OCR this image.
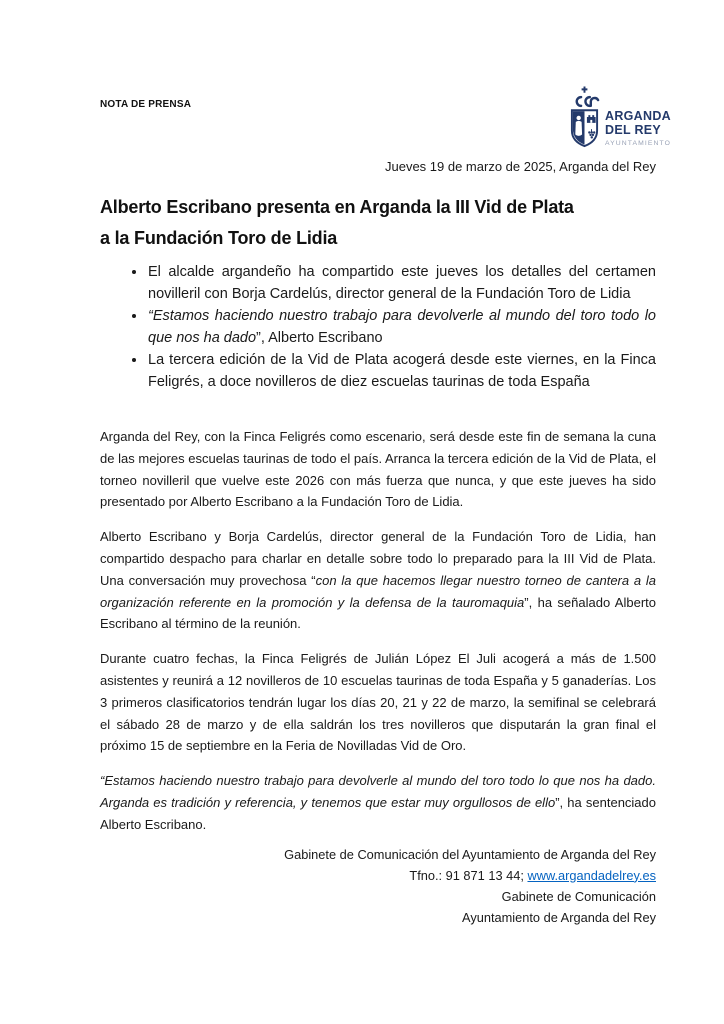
NOTA DE PRENSA
ARGANDA
DEL REY
AYUNTAMIENTO
Jueves 19 de marzo de 2025, Arganda del Rey
Alberto Escribano presenta en Arganda la III Vid de Plata
a la Fundación Toro de Lidia
• El alcalde argandeño ha compartido este jueves los detalles del certamen novilleril con Borja Cardelús, director general de la Fundación Toro de Lidia
• “Estamos haciendo nuestro trabajo para devolverle al mundo del toro todo lo que nos ha dado”, Alberto Escribano
• La tercera edición de la Vid de Plata acogerá desde este viernes, en la Finca Feligrés, a doce novilleros de diez escuelas taurinas de toda España
Arganda del Rey, con la Finca Feligrés como escenario, será desde este fin de semana la cuna de las mejores escuelas taurinas de todo el país. Arranca la tercera edición de la Vid de Plata, el torneo novilleril que vuelve este 2026 con más fuerza que nunca, y que este jueves ha sido presentado por Alberto Escribano a la Fundación Toro de Lidia.
Alberto Escribano y Borja Cardelús, director general de la Fundación Toro de Lidia, han compartido despacho para charlar en detalle sobre todo lo preparado para la III Vid de Plata. Una conversación muy provechosa “con la que hacemos llegar nuestro torneo de cantera a la organización referente en la promoción y la defensa de la tauromaquia”, ha señalado Alberto Escribano al término de la reunión.
Durante cuatro fechas, la Finca Feligrés de Julián López El Juli acogerá a más de 1.500 asistentes y reunirá a 12 novilleros de 10 escuelas taurinas de toda España y 5 ganaderías. Los 3 primeros clasificatorios tendrán lugar los días 20, 21 y 22 de marzo, la semifinal se celebrará el sábado 28 de marzo y de ella saldrán los tres novilleros que disputarán la gran final el próximo 15 de septiembre en la Feria de Novilladas Vid de Oro.
“Estamos haciendo nuestro trabajo para devolverle al mundo del toro todo lo que nos ha dado. Arganda es tradición y referencia, y tenemos que estar muy orgullosos de ello”, ha sentenciado Alberto Escribano.
Gabinete de Comunicación del Ayuntamiento de Arganda del Rey
Tfno.: 91 871 13 44; www.argandadelrey.es
Gabinete de Comunicación
Ayuntamiento de Arganda del Rey
